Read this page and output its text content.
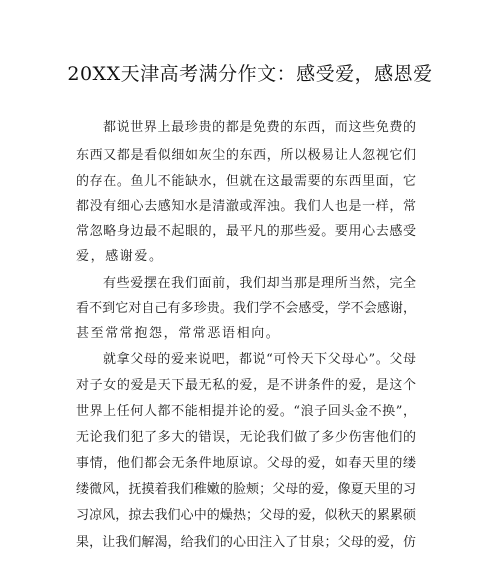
20XX天津高考满分作文：感受爱，感恩爱
都说世界上最珍贵的都是免费的东西，而这些免费的
东西又都是看似细如灰尘的东西，所以极易让人忽视它们
的存在。鱼儿不能缺水，但就在这最需要的东西里面，它
都没有细心去感知水是清澈或浑浊。我们人也是一样，常
常忽略身边最不起眼的，最平凡的那些爱。要用心去感受
爱，感谢爱。
有些爱摆在我们面前，我们却当那是理所当然，完全
看不到它对自己有多珍贵。我们学不会感受，学不会感谢，
甚至常常抱怨，常常恶语相向。
就拿父母的爱来说吧，都说“可怜天下父母心”。父母
对子女的爱是天下最无私的爱，是不讲条件的爱，是这个
世界上任何人都不能相提并论的爱。“浪子回头金不换”，
无论我们犯了多大的错误，无论我们做了多少伤害他们的
事情，他们都会无条件地原谅。父母的爱，如春天里的缕
缕微风，抚摸着我们稚嫩的脸颊；父母的爱，像夏天里的习
习凉风，掠去我们心中的燥热；父母的爱，似秋天的累累硕
果，让我们解渴，给我们的心田注入了甘泉；父母的爱，仿
